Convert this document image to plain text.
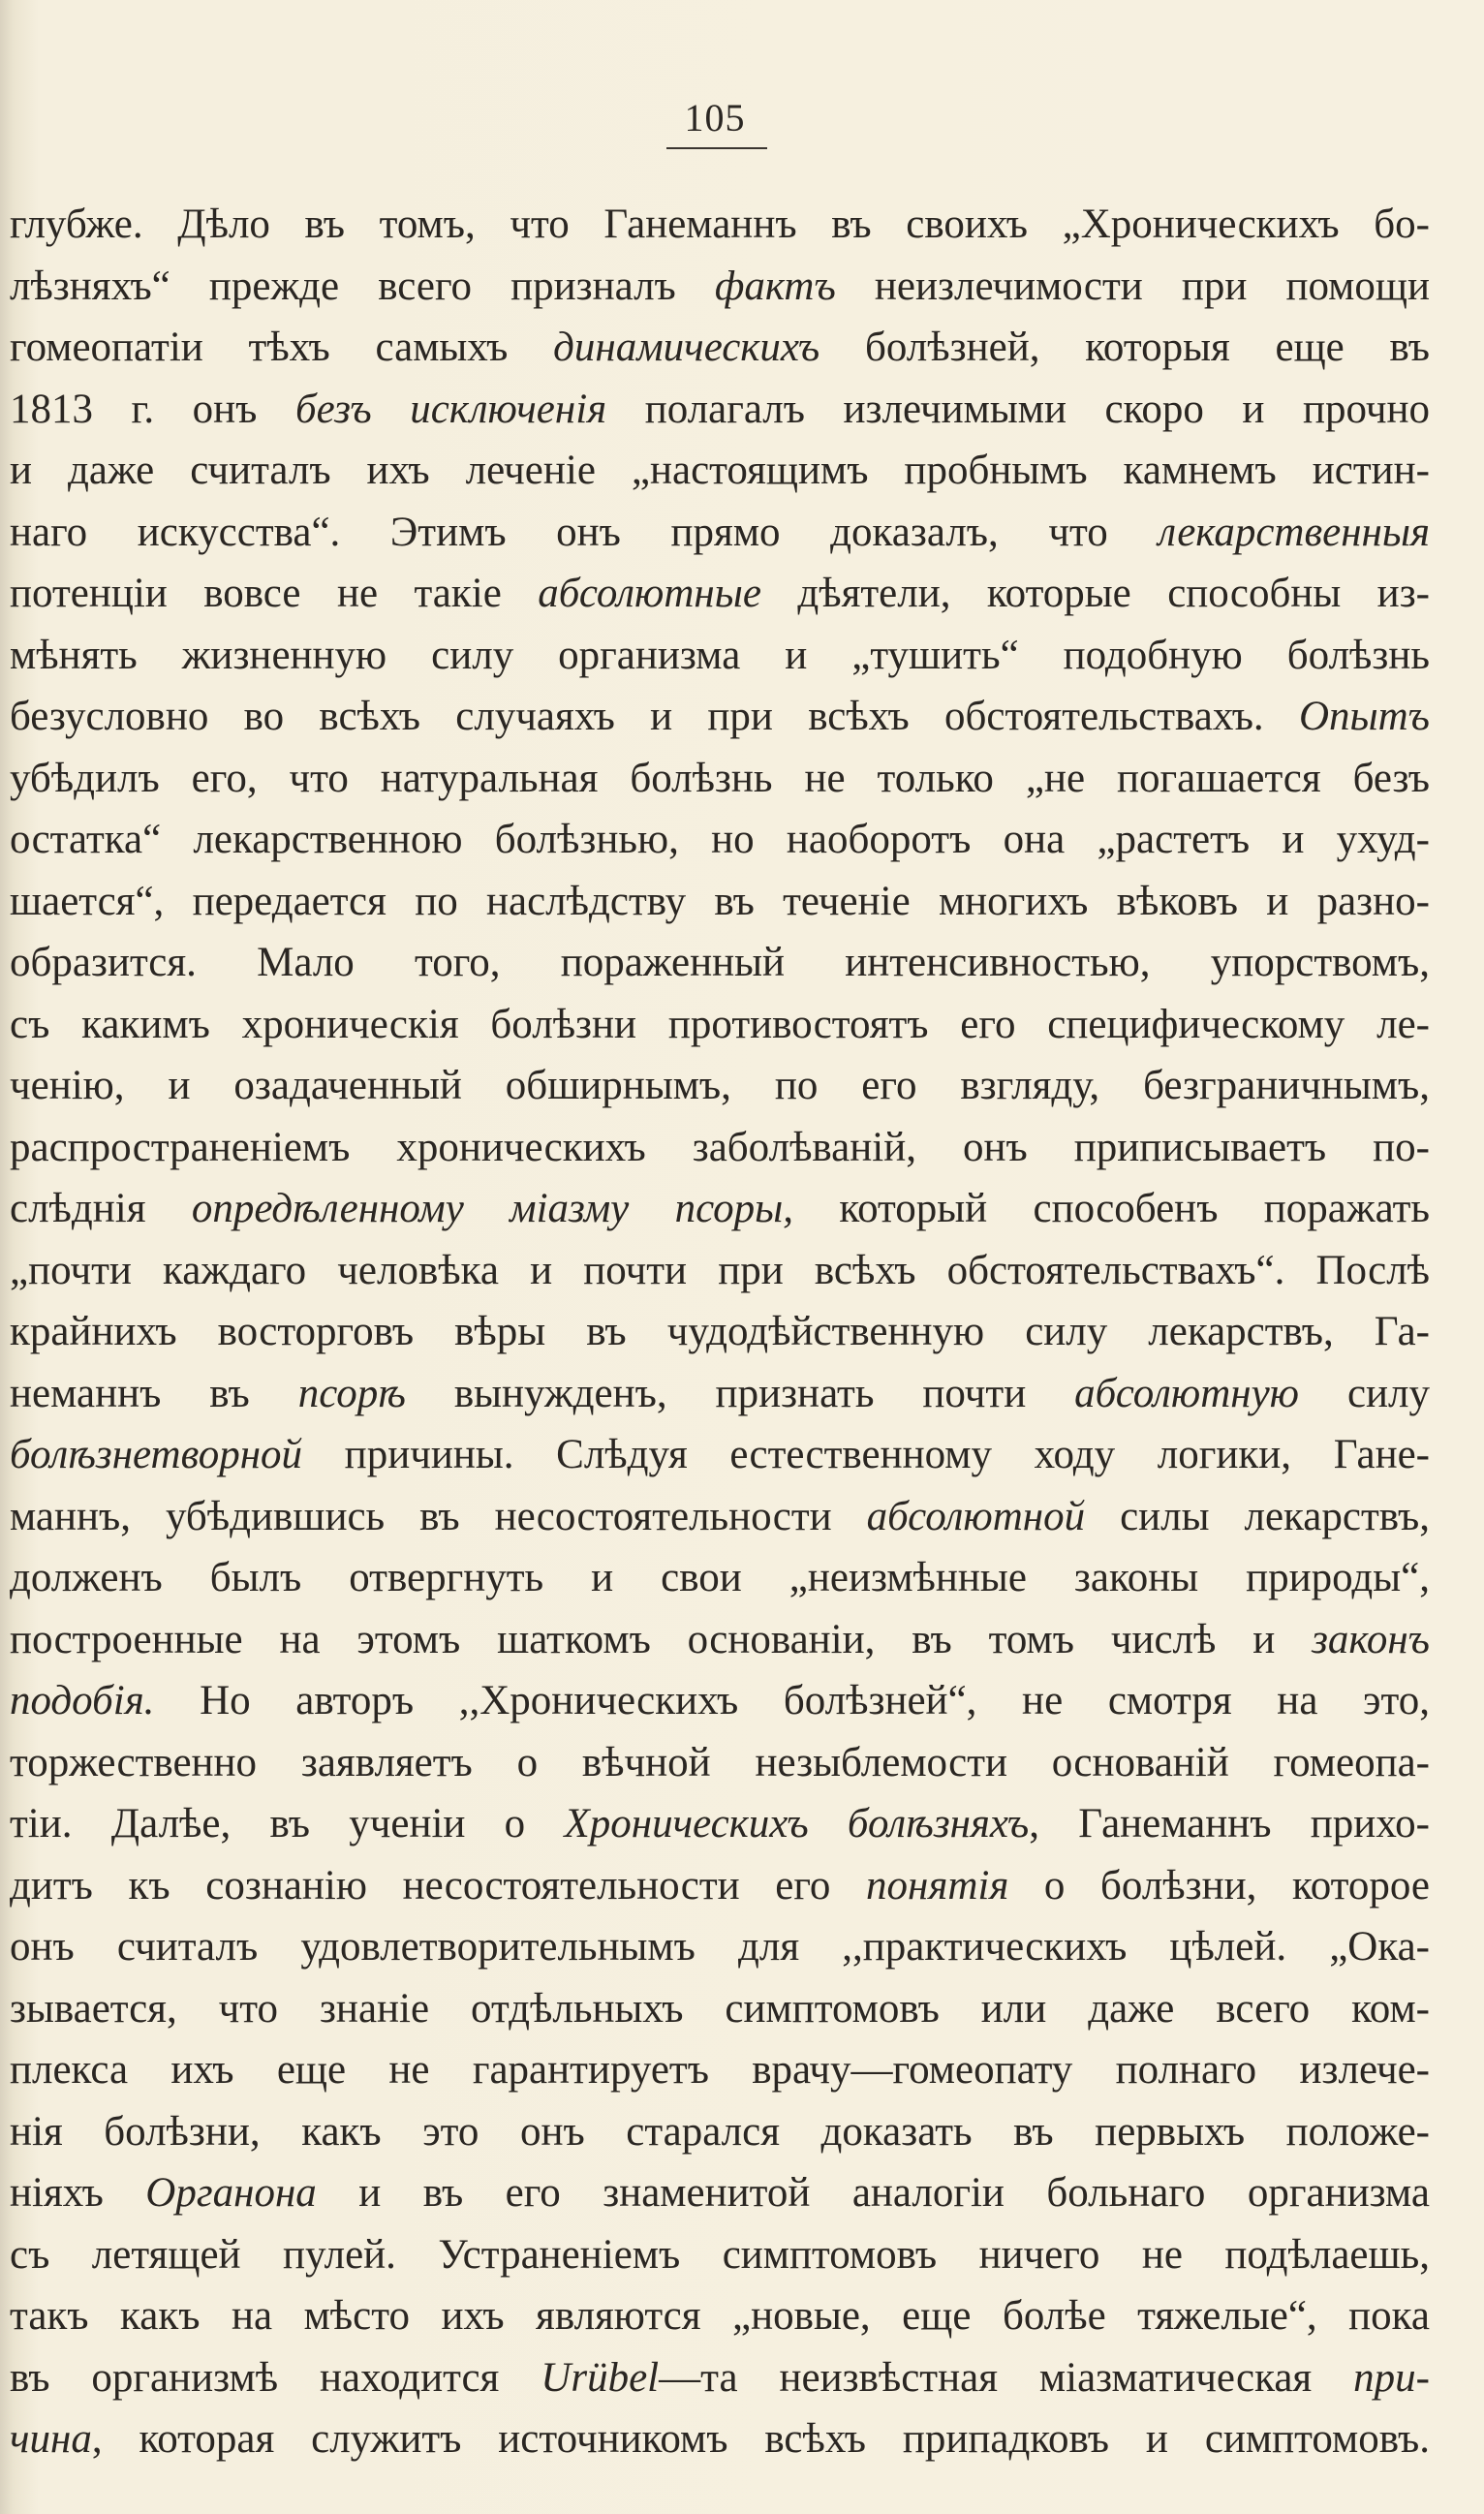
105
глубже. Дѣло въ томъ, что Ганеманнъ въ своихъ „Хроническихъ бо-
лѣзняхъ“ прежде всего призналъ фактъ неизлечимости при помощи
гомеопатіи тѣхъ самыхъ динамическихъ болѣзней, которыя еще въ
1813 г. онъ безъ исключенія полагалъ излечимыми скоро и прочно
и даже считалъ ихъ леченіе „настоящимъ пробнымъ камнемъ истин-
наго искусства“. Этимъ онъ прямо доказалъ, что лекарственныя
потенціи вовсе не такіе абсолютные дѣятели, которые способны из-
мѣнять жизненную силу организма и „тушить“ подобную болѣзнь
безусловно во всѣхъ случаяхъ и при всѣхъ обстоятельствахъ. Опытъ
убѣдилъ его, что натуральная болѣзнь не только „не погашается безъ
остатка“ лекарственною болѣзнью, но наоборотъ она „растетъ и ухуд-
шается“, передается по наслѣдству въ теченіе многихъ вѣковъ и разно-
образится. Мало того, пораженный интенсивностью, упорствомъ,
съ какимъ хроническія болѣзни противостоятъ его специфическому ле-
ченію, и озадаченный обширнымъ, по его взгляду, безграничнымъ,
распространеніемъ хроническихъ заболѣваній, онъ приписываетъ по-
слѣднія опредѣленному міазму псоры, который способенъ поражать
„почти каждаго человѣка и почти при всѣхъ обстоятельствахъ“. Послѣ
крайнихъ восторговъ вѣры въ чудодѣйственную силу лекарствъ, Га-
неманнъ въ псорѣ вынужденъ, признать почти абсолютную силу
болѣзнетворной причины. Слѣдуя естественному ходу логики, Гане-
маннъ, убѣдившись въ несостоятельности абсолютной силы лекарствъ,
долженъ былъ отвергнуть и свои „неизмѣнные законы природы“,
построенные на этомъ шаткомъ основаніи, въ томъ числѣ и законъ
подобія. Но авторъ ,,Хроническихъ болѣзней“, не смотря на это,
торжественно заявляетъ о вѣчной незыблемости основаній гомеопа-
тіи. Далѣе, въ ученіи о Хроническихъ болѣзняхъ, Ганеманнъ прихо-
дитъ къ сознанію несостоятельности его понятія о болѣзни, которое
онъ считалъ удовлетворительнымъ для ,,практическихъ цѣлей. „Ока-
зывается, что знаніе отдѣльныхъ симптомовъ или даже всего ком-
плекса ихъ еще не гарантируетъ врачу—гомеопату полнаго излече-
нія болѣзни, какъ это онъ старался доказать въ первыхъ положе-
ніяхъ Органона и въ его знаменитой аналогіи больнаго организма
съ летящей пулей. Устраненіемъ симптомовъ ничего не подѣлаешь,
такъ какъ на мѣсто ихъ являются „новые, еще болѣе тяжелые“, пока
въ организмѣ находится Urübel—та неизвѣстная міазматическая при-
чина, которая служитъ источникомъ всѣхъ припадковъ и симптомовъ.
